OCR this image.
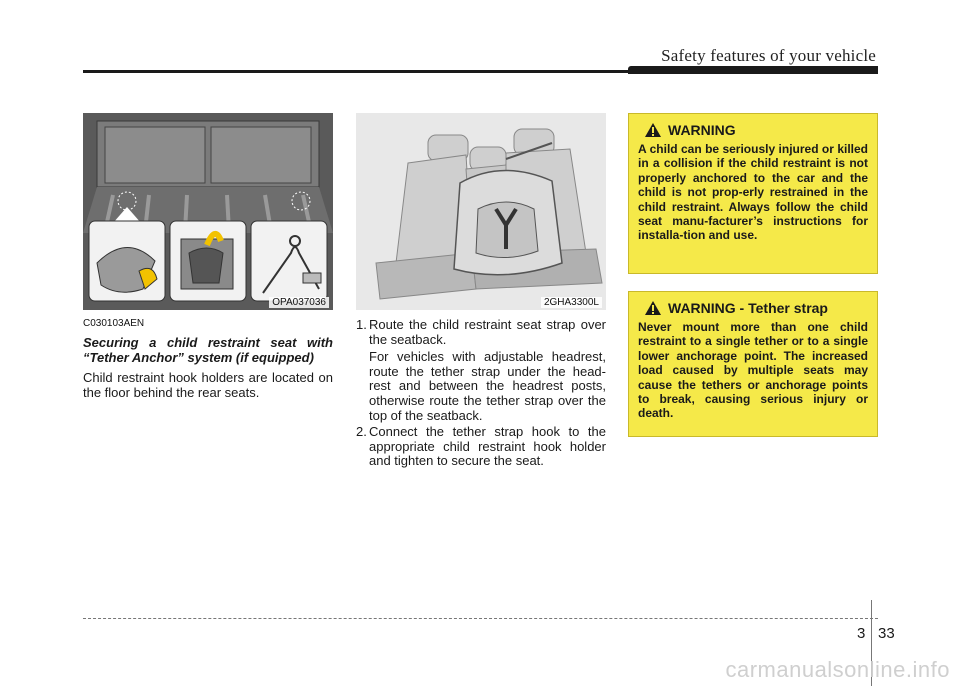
Safety features of your vehicle
OPA037036	2GHA3300L
C030103AEN
Securing a child restraint seat with “Tether Anchor” system (if equipped)
Child restraint hook holders are located on the floor behind the rear seats.
1. Route the child restraint seat strap over the seatback.
For vehicles with adjustable headrest, route the tether strap under the head-rest and between the headrest posts, otherwise route the tether strap over the top of the seatback.
2. Connect the tether strap hook to the appropriate child restraint hook holder and tighten to secure the seat.
WARNING
A child can be seriously injured or killed in a collision if the child restraint is not properly anchored to the car and the child is not prop-erly restrained in the child restraint. Always follow the child seat manu-facturer’s instructions for installa-tion and use.
WARNING - Tether strap
Never mount more than one child restraint to a single tether or to a single lower anchorage point. The increased load caused by multiple seats may cause the tethers or anchorage points to break, causing serious injury or death.
3 33
carmanualsonline.info
